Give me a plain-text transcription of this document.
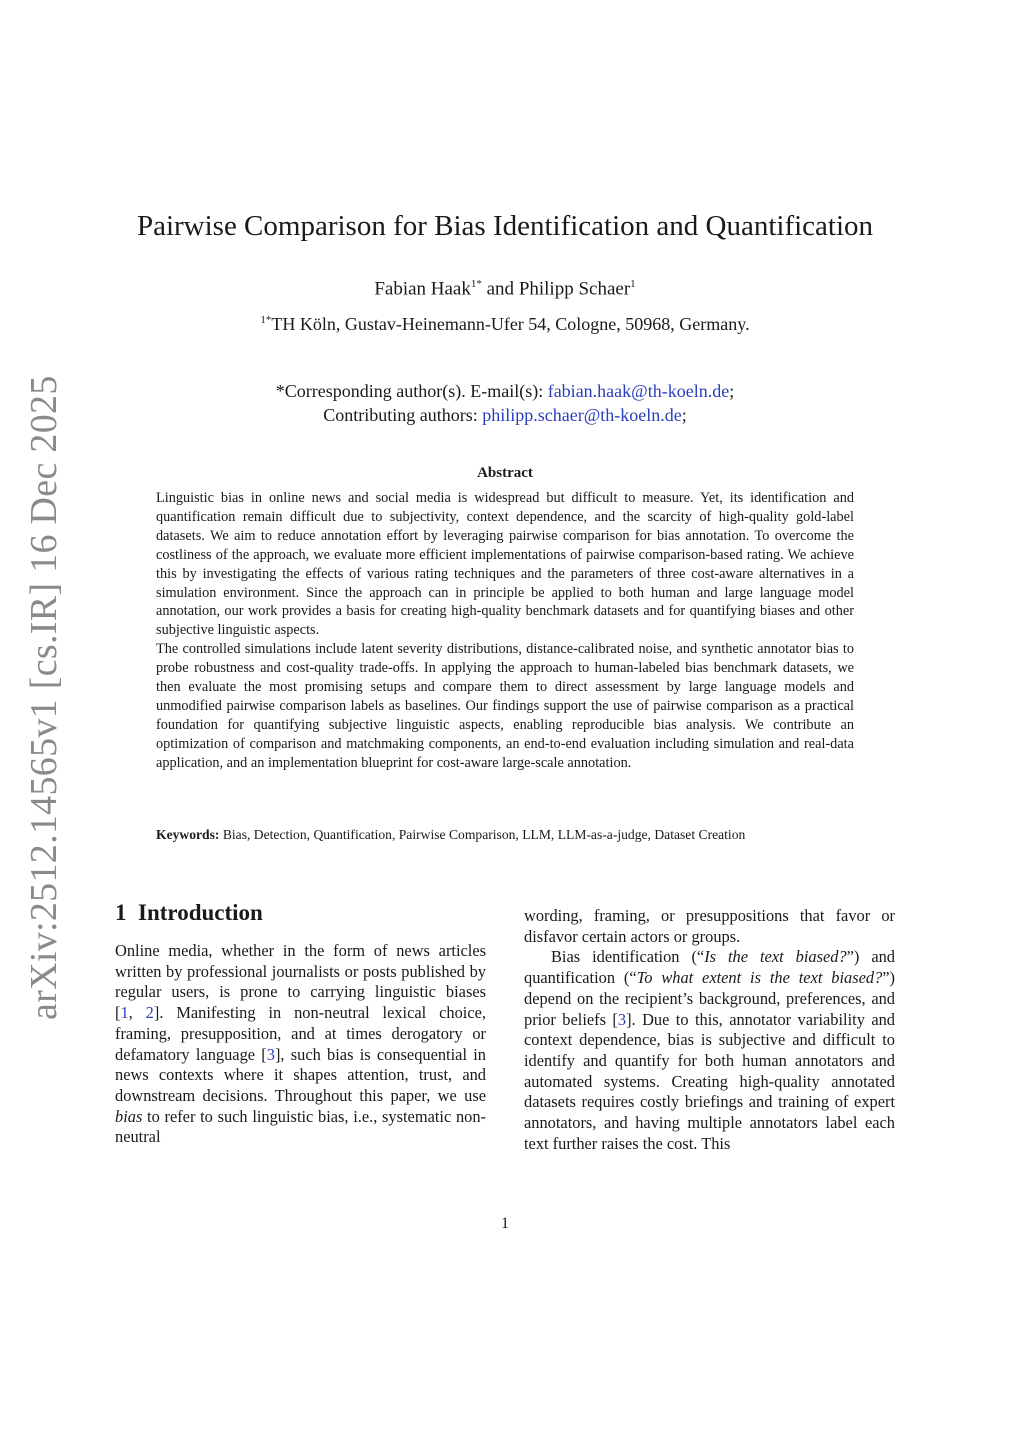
arXiv:2512.14565v1 [cs.IR] 16 Dec 2025
Pairwise Comparison for Bias Identification and Quantification
Fabian Haak$^{1*}$ and Philipp Schaer$^1$
$^{1*}$TH Köln, Gustav-Heinemann-Ufer 54, Cologne, 50968, Germany.
*Corresponding author(s). E-mail(s): fabian.haak@th-koeln.de;
Contributing authors: philipp.schaer@th-koeln.de;
Abstract

Linguistic bias in online news and social media is widespread but difficult to measure. Yet, its identification and quantification remain difficult due to subjectivity, context dependence, and the scarcity of high-quality gold-label datasets. We aim to reduce annotation effort by leveraging pairwise comparison for bias annotation. To overcome the costliness of the approach, we evaluate more efficient implementations of pairwise comparison-based rating. We achieve this by investigating the effects of various rating techniques and the parameters of three cost-aware alternatives in a simulation environment. Since the approach can in principle be applied to both human and large language model annotation, our work provides a basis for creating high-quality benchmark datasets and for quantifying biases and other subjective linguistic aspects.

The controlled simulations include latent severity distributions, distance-calibrated noise, and synthetic annotator bias to probe robustness and cost-quality trade-offs. In applying the approach to human-labeled bias benchmark datasets, we then evaluate the most promising setups and compare them to direct assessment by large language models and unmodified pairwise comparison labels as baselines. Our findings support the use of pairwise comparison as a practical foundation for quantifying subjective linguistic aspects, enabling reproducible bias analysis. We contribute an optimization of comparison and matchmaking components, an end-to-end evaluation including simulation and real-data application, and an implementation blueprint for cost-aware large-scale annotation.

Keywords: Bias, Detection, Quantification, Pairwise Comparison, LLM, LLM-as-a-judge, Dataset Creation
1 Introduction

Online media, whether in the form of news articles written by professional journalists or posts published by regular users, is prone to carrying linguistic biases [1, 2]. Manifesting in non-neutral lexical choice, framing, presupposition, and at times derogatory or defamatory language [3], such bias is consequential in news contexts where it shapes attention, trust, and downstream decisions. Throughout this paper, we use bias to refer to such linguistic bias, i.e., systematic non-neutral

wording, framing, or presuppositions that favor or disfavor certain actors or groups.

Bias identification (“Is the text biased?”) and quantification (“To what extent is the text biased?”) depend on the recipient’s background, preferences, and prior beliefs [3]. Due to this, annotator variability and context dependence, bias is subjective and difficult to identify and quantify for both human annotators and automated systems. Creating high-quality annotated datasets requires costly briefings and training of expert annotators, and having multiple annotators label each text further raises the cost. This

1
